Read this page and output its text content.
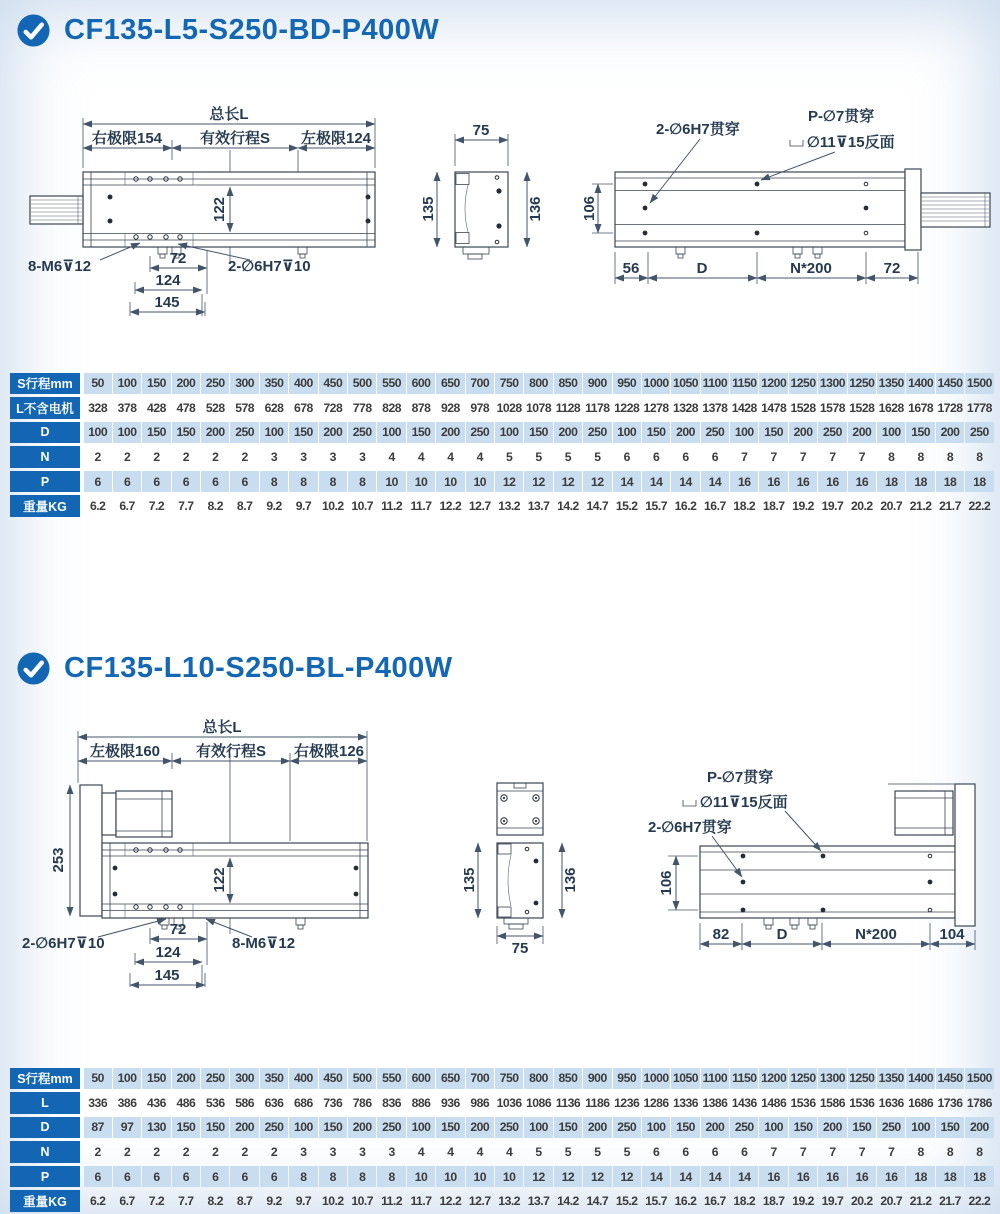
CF135-L5-S250-BD-P400W
总长L
右极限154	有效行程S 左极限124
122
72
124
145
8-M6⊽12	2-∅6H7⊽10
75
135	136 106
56	D	N*200	72
2-∅6H7贯穿
P-∅7贯穿
∅11⊽15反面
S行程mm	50	100 150 200 250 300 350 400 450 500 550 600 650 700 750 800 850 900 950 1000 1050 1100 1150 1200 1250 1300 1250 1350 1400 1450 1500
L不含电机	328 378 428 478 528 578 628 678 728 778 828 878 928 978 1028 1078 1128 1178 1228 1278 1328 1378 1428 1478 1528 1578 1528 1628 1678 1728 1778
D	100 100 150 150 200 250 100 150 200 250 100 150 200 250 100 150 200 250 100 150 200 250 100 150 200 250 200 100 150 200 250
N	2	2	2	2	2	2	3	3	3	3	4	4	4	4	5	5	5	5	6	6	6	6	7	7	7	7	7	8	8	8	8
P	6	6	6	6	6	6	8	8	8	8	10	10	10	10	12	12	12	12	14	14	14	14	16	16	16	16	16	18	18	18	18
重量KG	6.2	6.7	7.2	7.7	8.2	8.7	9.2	9.7 10.2 10.7 11.2 11.7 12.2 12.7 13.2 13.7 14.2 14.7 15.2 15.7 16.2 16.7 18.2 18.7 19.2 19.7 20.2 20.7 21.2 21.7 22.2
CF135-L10-S250-BL-P400W
总长L
左极限160 有效行程S 右极限126
253
122
72
124
145
2-∅6H7⊽10	8-M6⊽12
135	136
75
106
82	D	N*200	104
P-∅7贯穿
∅11⊽15反面
2-∅6H7贯穿
S行程mm	50	100 150 200 250 300 350 400 450 500 550 600 650 700 750 800 850 900 950 1000 1050 1100 1150 1200 1250 1300 1250 1350 1400 1450 1500
L	336 386 436 486 536 586 636 686 736 786 836 886 936 986 1036 1086 1136 1186 1236 1286 1336 1386 1436 1486 1536 1586 1536 1636 1686 1736 1786
D	87	97	130 150 150 200 250 100 150 200 250 100 150 200 250 100 150 200 250 100 150 200 250 100 150 200 150 250 100 150 200
N	2	2	2	2	2	2	2	3	3	3	3	4	4	4	4	5	5	5	5	6	6	6	6	7	7	7	7	7	8	8	8
P	6	6	6	6	6	6	6	8	8	8	8	10	10	10	10	12	12	12	12	14	14	14	14	16	16	16	16	16	18	18	18
重量KG	6.2	6.7	7.2	7.7	8.2	8.7	9.2	9.7 10.2 10.7 11.2 11.7 12.2 12.7 13.2 13.7 14.2 14.7 15.2 15.7 16.2 16.7 18.2 18.7 19.2 19.7 20.2 20.7 21.2 21.7 22.2
